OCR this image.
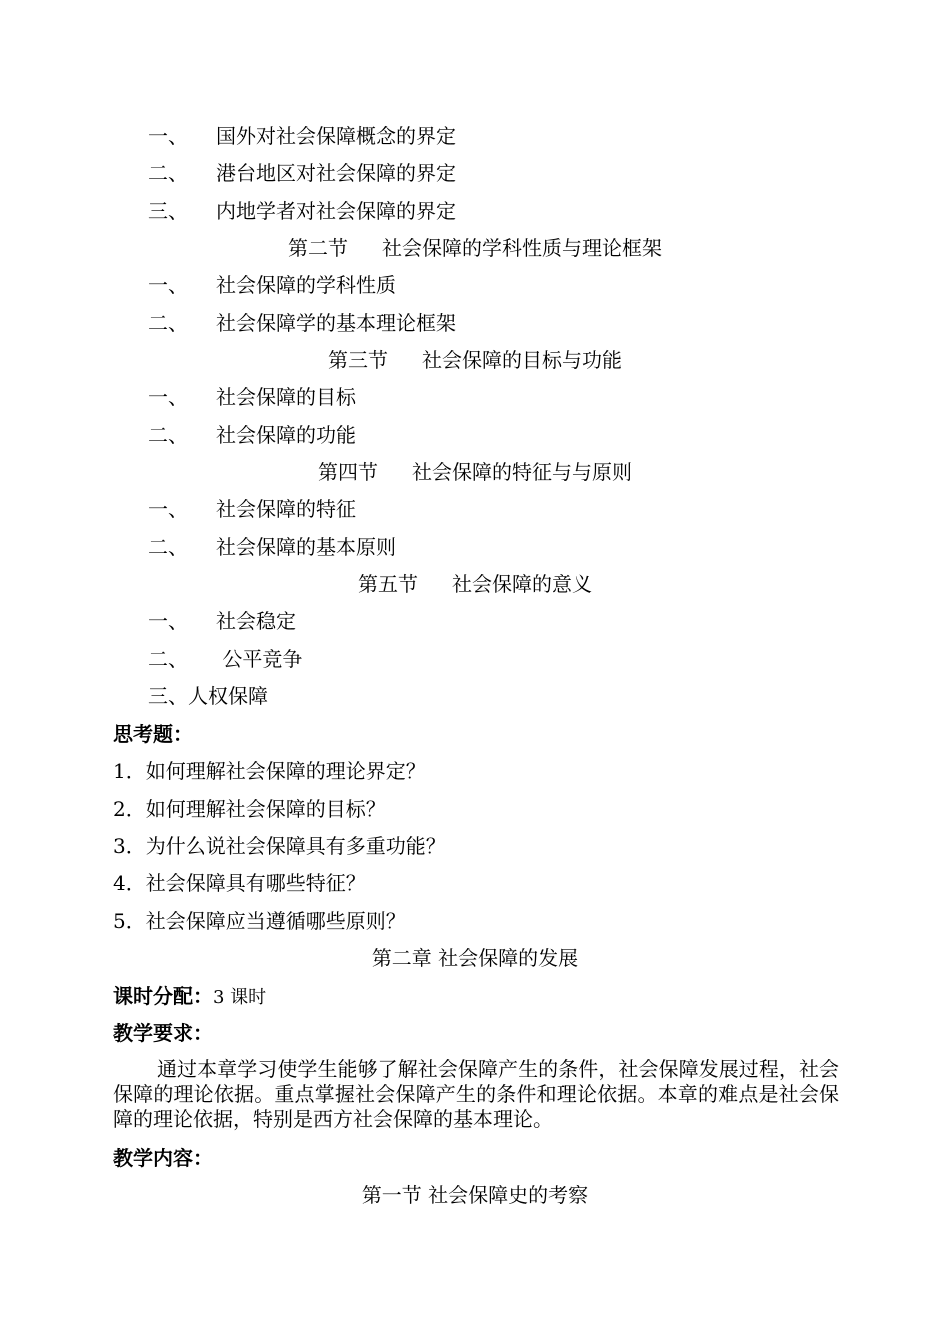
一、 国外对社会保障概念的界定
二、 港台地区对社会保障的界定
三、 内地学者对社会保障的界定
第二节 社会保障的学科性质与理论框架
一、 社会保障的学科性质
二、 社会保障学的基本理论框架
第三节 社会保障的目标与功能
一、 社会保障的目标
二、 社会保障的功能
第四节 社会保障的特征与与原则
一、 社会保障的特征
二、 社会保障的基本原则
第五节 社会保障的意义
一、 社会稳定
二、 公平竞争
三、人权保障
思考题：
1．如何理解社会保障的理论界定？
2．如何理解社会保障的目标？
3．为什么说社会保障具有多重功能？
4．社会保障具有哪些特征？
5．社会保障应当遵循哪些原则？
第二章 社会保障的发展
课时分配：3 课时
教学要求：
通过本章学习使学生能够了解社会保障产生的条件，社会保障发展过程，社会保障的理论依据。重点掌握社会保障产生的条件和理论依据。本章的难点是社会保障的理论依据，特别是西方社会保障的基本理论。
教学内容：
第一节 社会保障史的考察
